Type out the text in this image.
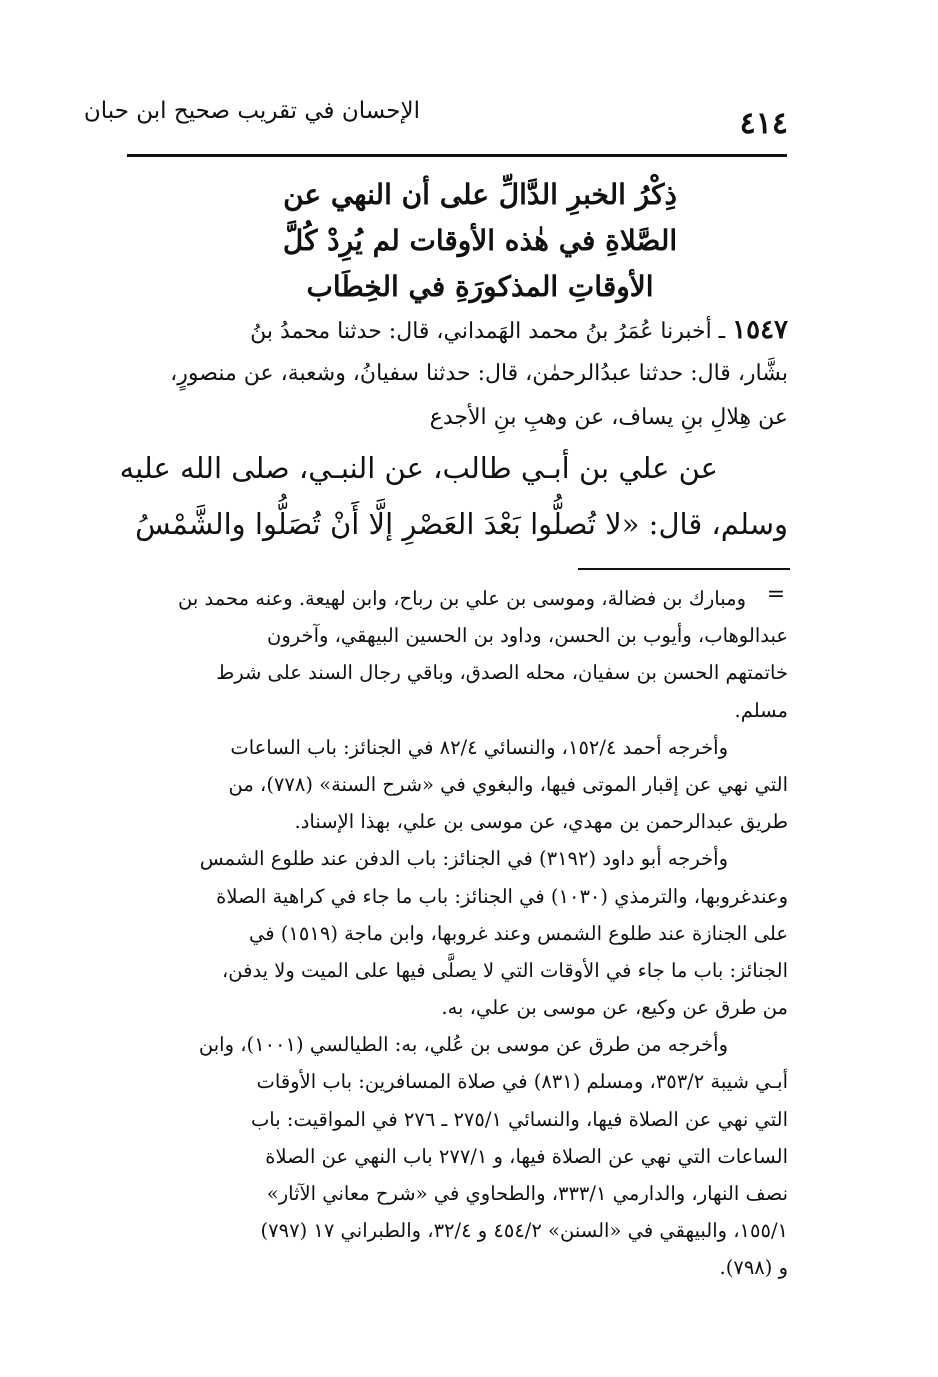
الإحسان في تقريب صحيح ابن حبان	٤١٤
ذِكْرُ الخبرِ الدَّالِّ على أن النهي عن
الصَّلاةِ في هٰذه الأوقات لم يُرِدْ كُلَّ
الأوقاتِ المذكورَةِ في الخِطَاب
١٥٤٧ ـ أخبرنا عُمَرُ بنُ محمد الهَمداني، قال: حدثنا محمدُ بنُ
بشَّار، قال: حدثنا عبدُالرحمٰن، قال: حدثنا سفيانُ، وشعبة، عن منصورٍ،
عن هِلالِ بنِ يساف، عن وهبِ بنِ الأجدع
عن علي بن أبـي طالب، عن النبـي، صلى الله عليه
وسلم، قال: «لا تُصلُّوا بَعْدَ العَصْرِ إلَّا أَنْ تُصَلُّوا والشَّمْسُ
=
ومبارك بن فضالة، وموسى بن علي بن رباح، وابن لهيعة. وعنه محمد بن
عبدالوهاب، وأيوب بن الحسن، وداود بن الحسين البيهقي، وآخرون
خاتمتهم الحسن بن سفيان، محله الصدق، وباقي رجال السند على شرط
مسلم.
وأخرجه أحمد ١٥٢/٤، والنسائي ٨٢/٤ في الجنائز: باب الساعات
التي نهي عن إقبار الموتى فيها، والبغوي في «شرح السنة» (٧٧٨)، من
طريق عبدالرحمن بن مهدي، عن موسى بن علي، بهذا الإسناد.
وأخرجه أبو داود (٣١٩٢) في الجنائز: باب الدفن عند طلوع الشمس
وعندغروبها، والترمذي (١٠٣٠) في الجنائز: باب ما جاء في كراهية الصلاة
على الجنازة عند طلوع الشمس وعند غروبها، وابن ماجة (١٥١٩) في
الجنائز: باب ما جاء في الأوقات التي لا يصلَّى فيها على الميت ولا يدفن،
من طرق عن وكيع، عن موسى بن علي، به.
وأخرجه من طرق عن موسى بن عُلي، به: الطيالسي (١٠٠١)، وابن
أبـي شيبة ٣٥٣/٢، ومسلم (٨٣١) في صلاة المسافرين: باب الأوقات
التي نهي عن الصلاة فيها، والنسائي ٢٧٥/١ ـ ٢٧٦ في المواقيت: باب
الساعات التي نهي عن الصلاة فيها، و ٢٧٧/١ باب النهي عن الصلاة
نصف النهار، والدارمي ٣٣٣/١، والطحاوي في «شرح معاني الآثار»
١٥٥/١، والبيهقي في «السنن» ٤٥٤/٢ و ٣٢/٤، والطبراني ١٧ (٧٩٧)
و (٧٩٨).
